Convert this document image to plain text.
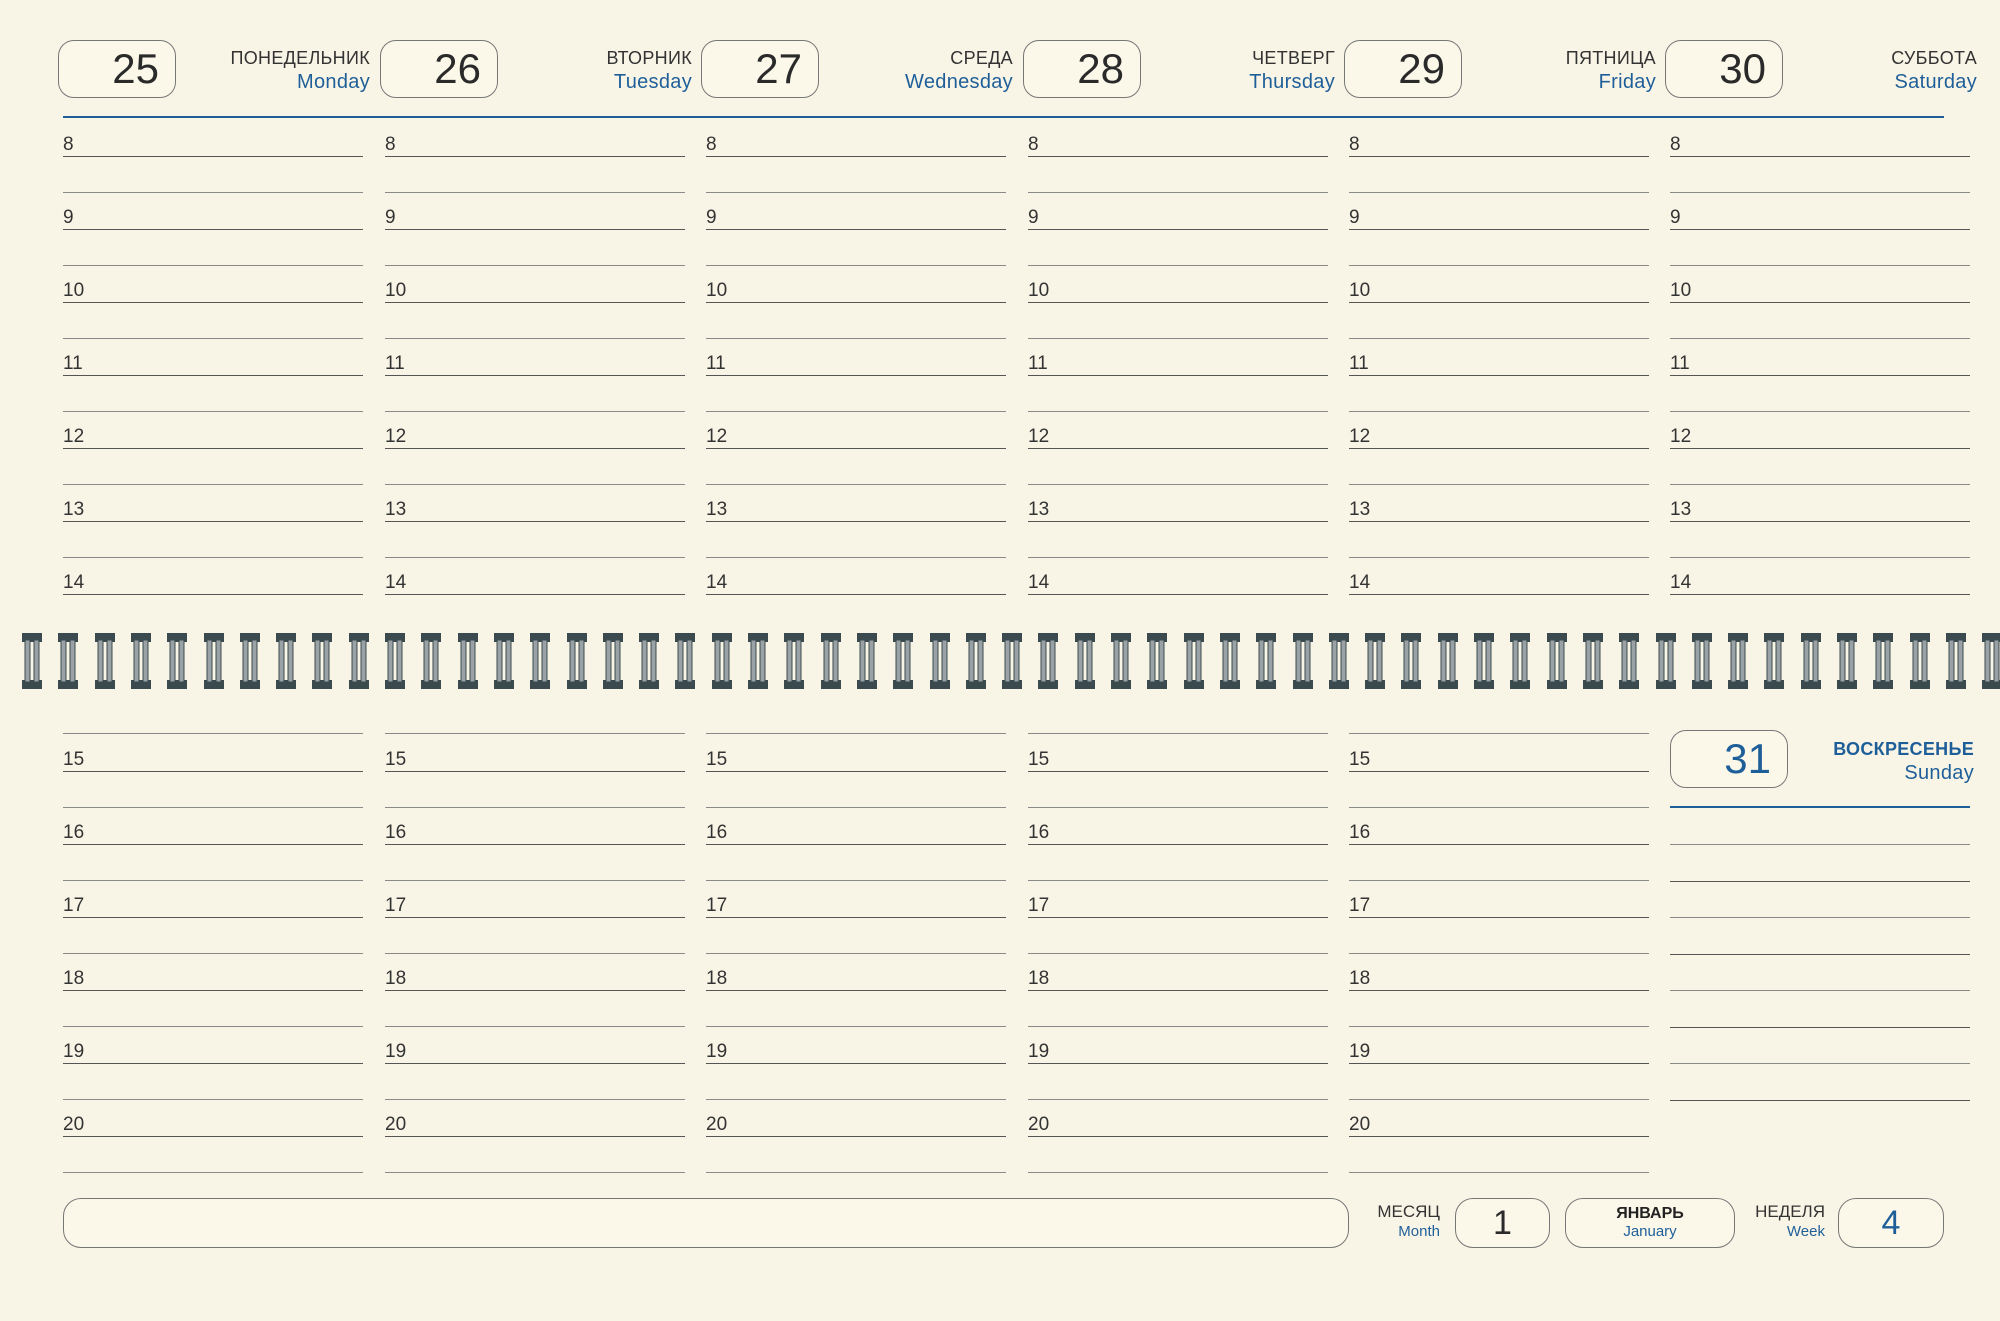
25	ПОНЕДЕЛЬНИК
Monday 26	ВТОРНИК
Tuesday 27	СРЕДА
Wednesday 28	ЧЕТВЕРГ
Thursday 29	ПЯТНИЦА
Friday 30	СУББОТА
Saturday
8
9
10
11
12
13
14
8
9
10
11
12
13
14
8
9
10
11
12
13
14
8
9
10
11
12
13
14
8
9
10
11
12
13
14
8
9
10
11
12
13
14
15
16
17
18
19
20
15
16
17
18
19
20
15
16
17
18
19
20
15
16
17
18
19
20
15
16
17
18
19
20
31	ВОСКРЕСЕНЬЕ
Sunday
МЕСЯЦ
Month 1	ЯНВАРЬ
January
НЕДЕЛЯ
Week 4
